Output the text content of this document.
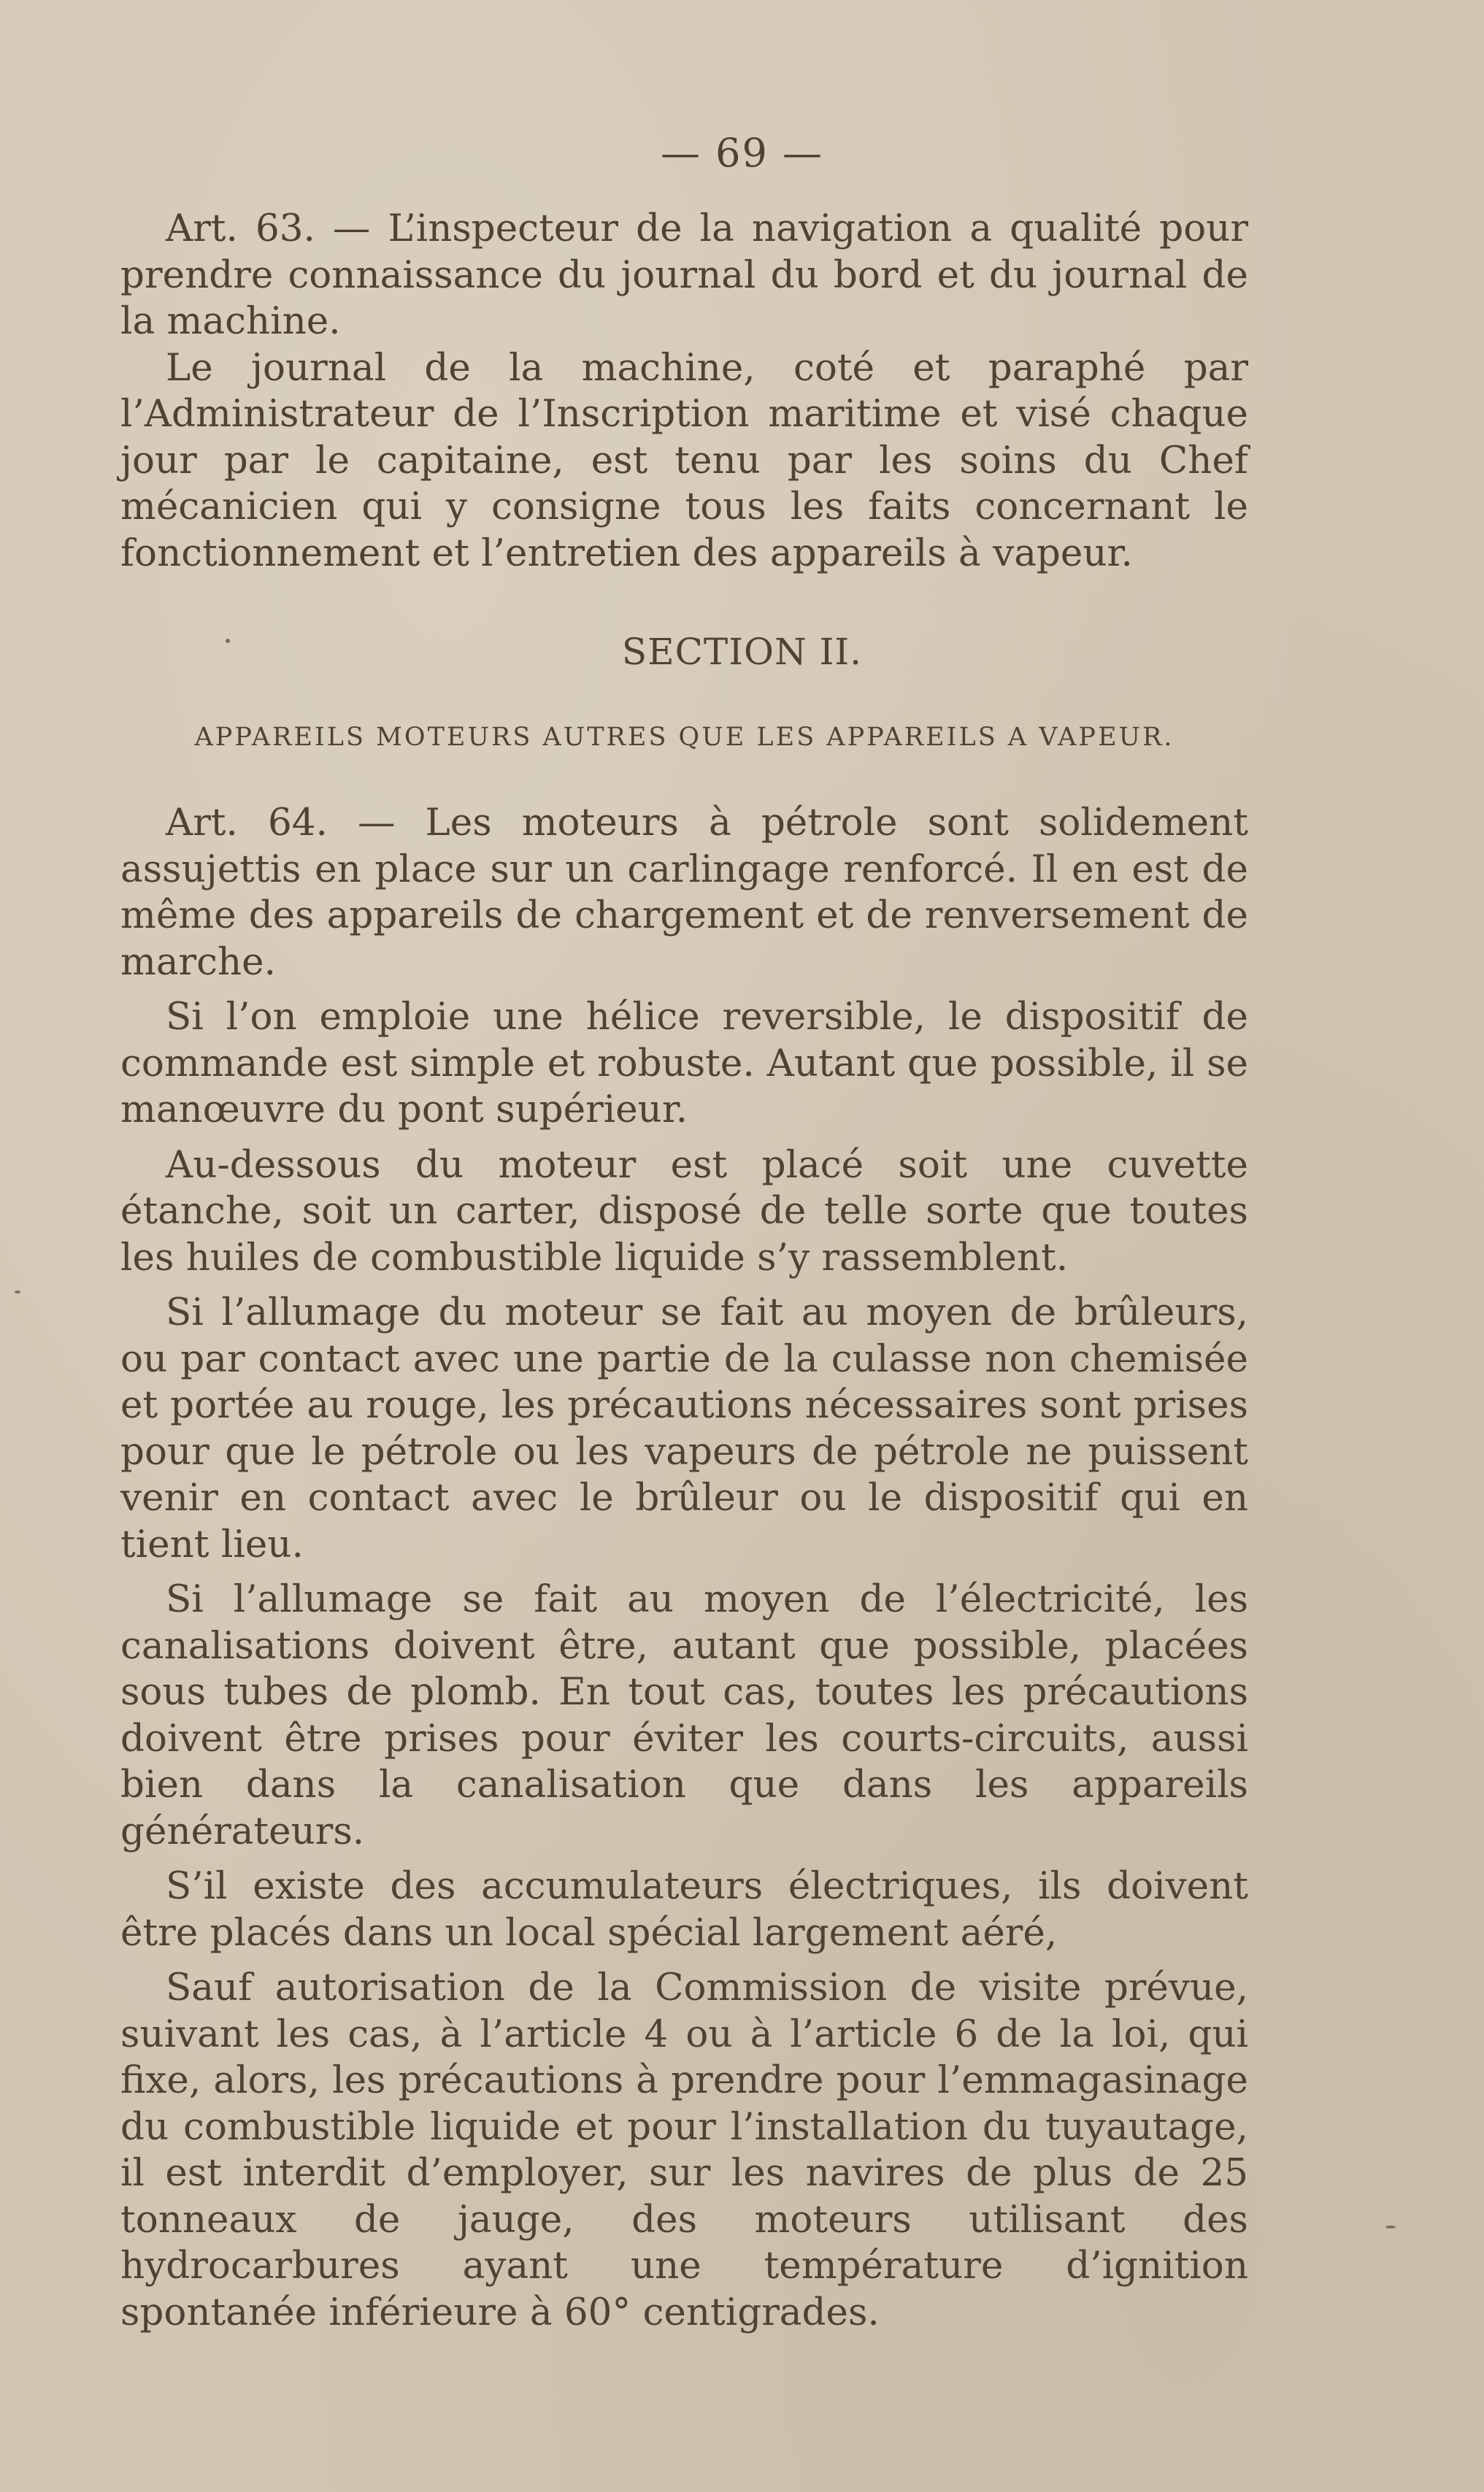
— 69 —

Art. 63. — L’inspecteur de la navigation a qualité pour prendre connaissance du journal du bord et du journal de la machine.

Le journal de la machine, coté et paraphé par l’Administrateur de l’Inscription maritime et visé chaque jour par le capitaine, est tenu par les soins du Chef mécanicien qui y consigne tous les faits concernant le fonctionnement et l’entretien des appareils à vapeur.

SECTION II.
APPAREILS MOTEURS AUTRES QUE LES APPAREILS A VAPEUR.

Art. 64. — Les moteurs à pétrole sont solidement assujettis en place sur un carlingage renforcé. Il en est de même des appareils de chargement et de renversement de marche.

Si l’on emploie une hélice reversible, le dispositif de commande est simple et robuste. Autant que possible, il se manœuvre du pont supérieur.

Au-dessous du moteur est placé soit une cuvette étanche, soit un carter, disposé de telle sorte que toutes les huiles de combustible liquide s’y rassemblent.

Si l’allumage du moteur se fait au moyen de brûleurs, ou par contact avec une partie de la culasse non chemisée et portée au rouge, les précautions nécessaires sont prises pour que le pétrole ou les vapeurs de pétrole ne puissent venir en contact avec le brûleur ou le dispositif qui en tient lieu.

Si l’allumage se fait au moyen de l’électricité, les canalisations doivent être, autant que possible, placées sous tubes de plomb. En tout cas, toutes les précautions doivent être prises pour éviter les courts-circuits, aussi bien dans la canalisation que dans les appareils générateurs.

S’il existe des accumulateurs électriques, ils doivent être placés dans un local spécial largement aéré,

Sauf autorisation de la Commission de visite prévue, suivant les cas, à l’article 4 ou à l’article 6 de la loi, qui fixe, alors, les précautions à prendre pour l’emmagasinage du combustible liquide et pour l’installation du tuyautage, il est interdit d’employer, sur les navires de plus de 25 tonneaux de jauge, des moteurs utilisant des hydrocarbures ayant une température d’ignition spontanée inférieure à 60° centigrades.
